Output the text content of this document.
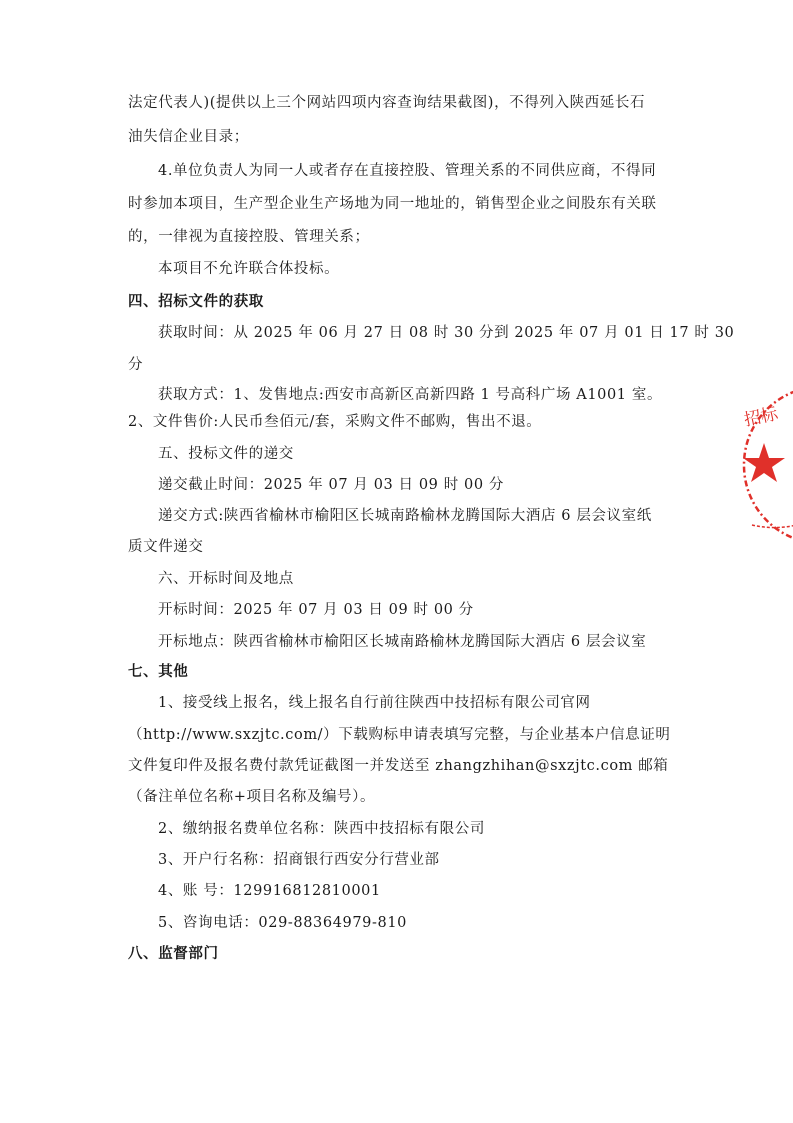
法定代表人)(提供以上三个网站四项内容查询结果截图)，不得列入陕西延长石
油失信企业目录；
4.单位负责人为同一人或者存在直接控股、管理关系的不同供应商，不得同
时参加本项目，生产型企业生产场地为同一地址的，销售型企业之间股东有关联
的，一律视为直接控股、管理关系；
本项目不允许联合体投标。
四、招标文件的获取
获取时间：从 2025 年 06 月 27 日 08 时 30 分到 2025 年 07 月 01 日 17 时 30
分
获取方式：1、发售地点:西安市高新区高新四路 1 号高科广场 A1001 室。
2、文件售价:人民币叁佰元/套，采购文件不邮购，售出不退。
五、投标文件的递交
递交截止时间：2025 年 07 月 03 日 09 时 00 分
递交方式:陕西省榆林市榆阳区长城南路榆林龙腾国际大酒店 6 层会议室纸
质文件递交
六、开标时间及地点
开标时间：2025 年 07 月 03 日 09 时 00 分
开标地点：陕西省榆林市榆阳区长城南路榆林龙腾国际大酒店 6 层会议室
七、其他
1、接受线上报名，线上报名自行前往陕西中技招标有限公司官网
（http://www.sxzjtc.com/）下载购标申请表填写完整，与企业基本户信息证明
文件复印件及报名费付款凭证截图一并发送至 zhangzhihan@sxzjtc.com 邮箱
（备注单位名称+项目名称及编号）。
2、缴纳报名费单位名称：陕西中技招标有限公司
3、开户行名称：招商银行西安分行营业部
4、账 号：129916812810001
5、咨询电话：029-88364979-810
八、监督部门
招标
